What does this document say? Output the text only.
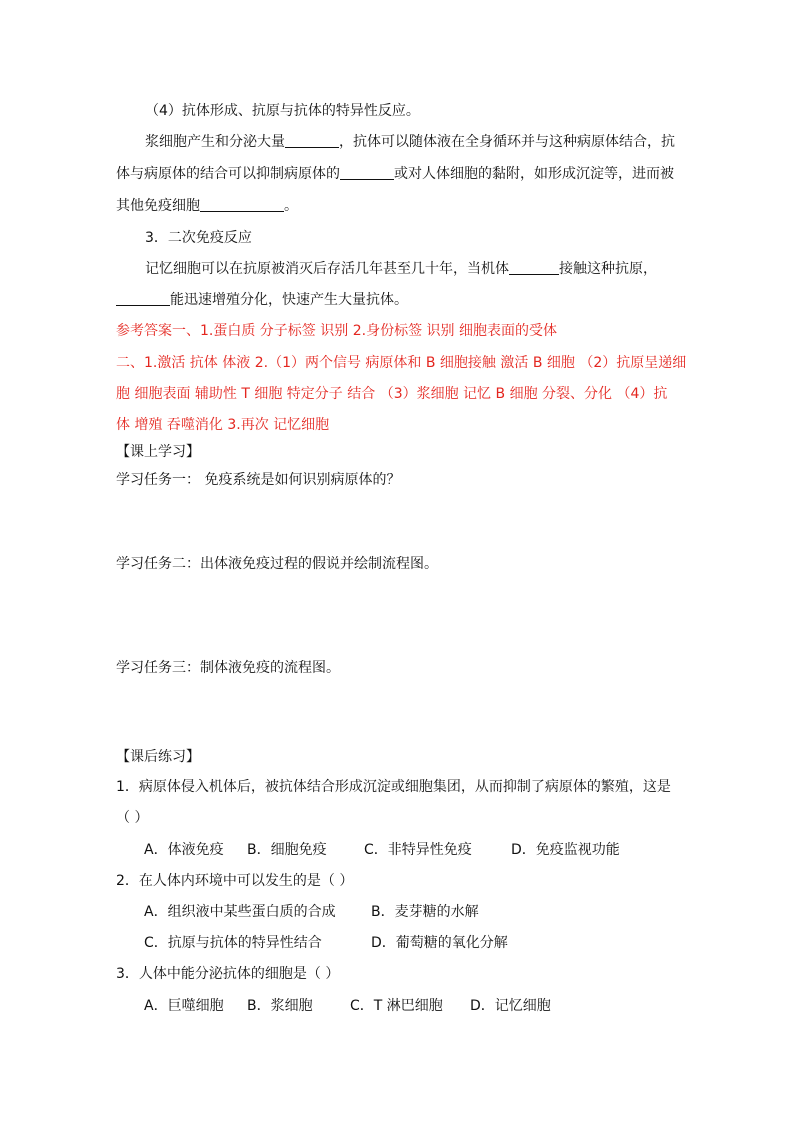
（4）抗体形成、抗原与抗体的特异性反应。
浆细胞产生和分泌大量	，抗体可以随体液在全身循环并与这种病原体结合，抗
体与病原体的结合可以抑制病原体的	或对人体细胞的黏附，如形成沉淀等，进而被
其他免疫细胞	。
3．二次免疫反应
记忆细胞可以在抗原被消灭后存活几年甚至几十年，当机体	接触这种抗原，
能迅速增殖分化，快速产生大量抗体。
参考答案一、1.蛋白质 分子标签 识别 2.身份标签 识别 细胞表面的受体
二、1.激活 抗体 体液 2.（1）两个信号 病原体和 B 细胞接触 激活 B 细胞 （2）抗原呈递细
胞 细胞表面 辅助性 T 细胞 特定分子 结合 （3）浆细胞 记忆 B 细胞 分裂、分化 （4）抗
体 增殖 吞噬消化 3.再次 记忆细胞
【课上学习】
学习任务一： 免疫系统是如何识别病原体的？
学习任务二：出体液免疫过程的假说并绘制流程图。
学习任务三：制体液免疫的流程图。
【课后练习】
1．病原体侵入机体后，被抗体结合形成沉淀或细胞集团，从而抑制了病原体的繁殖，这是
（ ）
A．体液免疫 B．细胞免疫	C．非特异性免疫	D．免疫监视功能
2．在人体内环境中可以发生的是（ ）
A．组织液中某些蛋白质的合成	B．麦芽糖的水解
C．抗原与抗体的特异性结合	D．葡萄糖的氧化分解
3．人体中能分泌抗体的细胞是（ ）
A．巨噬细胞 B．浆细胞	C．T 淋巴细胞 D．记忆细胞
